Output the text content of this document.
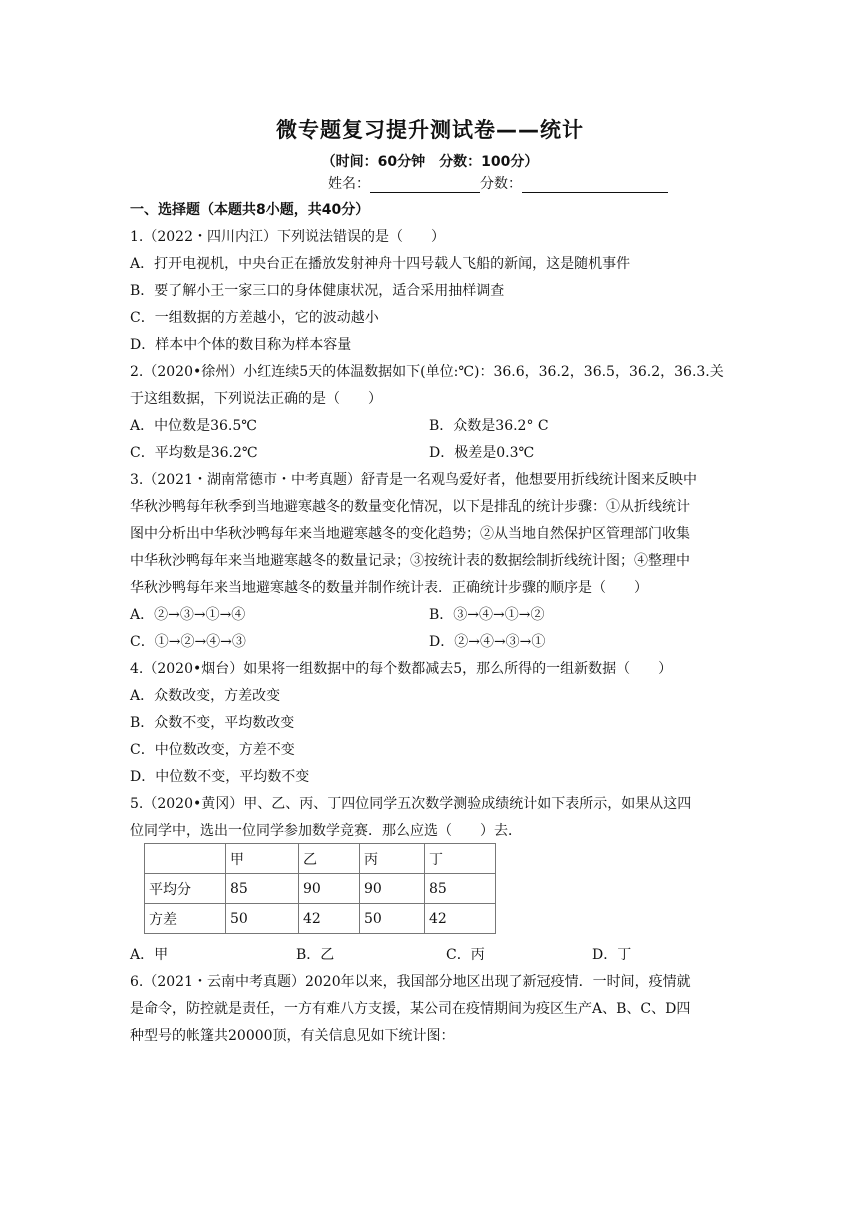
微专题复习提升测试卷——统计
（时间：60分钟　分数：100分）
姓名：	分数：
一、选择题（本题共8小题，共40分）
1.（2022・四川内江）下列说法错误的是（　　）
A．打开电视机，中央台正在播放发射神舟十四号载人飞船的新闻，这是随机事件
B．要了解小王一家三口的身体健康状况，适合采用抽样调查
C．一组数据的方差越小，它的波动越小
D．样本中个体的数目称为样本容量
2.（2020•徐州）小红连续5天的体温数据如下(单位:℃)：36.6，36.2，36.5，36.2，36.3.关
于这组数据，下列说法正确的是（　　）
A．中位数是36.5℃	B．众数是36.2° C
C．平均数是36.2℃	D．极差是0.3℃
3.（2021・湖南常德市・中考真题）舒青是一名观鸟爱好者，他想要用折线统计图来反映中
华秋沙鸭每年秋季到当地避寒越冬的数量变化情况，以下是排乱的统计步骤：①从折线统计
图中分析出中华秋沙鸭每年来当地避寒越冬的变化趋势；②从当地自然保护区管理部门收集
中华秋沙鸭每年来当地避寒越冬的数量记录；③按统计表的数据绘制折线统计图；④整理中
华秋沙鸭每年来当地避寒越冬的数量并制作统计表．正确统计步骤的顺序是（　　）
A．②→③→①→④	B．③→④→①→②
C．①→②→④→③	D．②→④→③→①
4.（2020•烟台）如果将一组数据中的每个数都减去5，那么所得的一组新数据（　　）
A．众数改变，方差改变
B．众数不变，平均数改变
C．中位数改变，方差不变
D．中位数不变，平均数不变
5.（2020•黄冈）甲、乙、丙、丁四位同学五次数学测验成绩统计如下表所示，如果从这四
位同学中，选出一位同学参加数学竞赛．那么应选（　　）去．
	甲	乙	丙	丁
平均分	85	90	90	85
方差	50	42	50	42
A．甲	B．乙	C．丙	D．丁
6.（2021・云南中考真题）2020年以来，我国部分地区出现了新冠疫情．一时间，疫情就
是命令，防控就是责任，一方有难八方支援，某公司在疫情期间为疫区生产A、B、C、D四
种型号的帐篷共20000顶，有关信息见如下统计图：
